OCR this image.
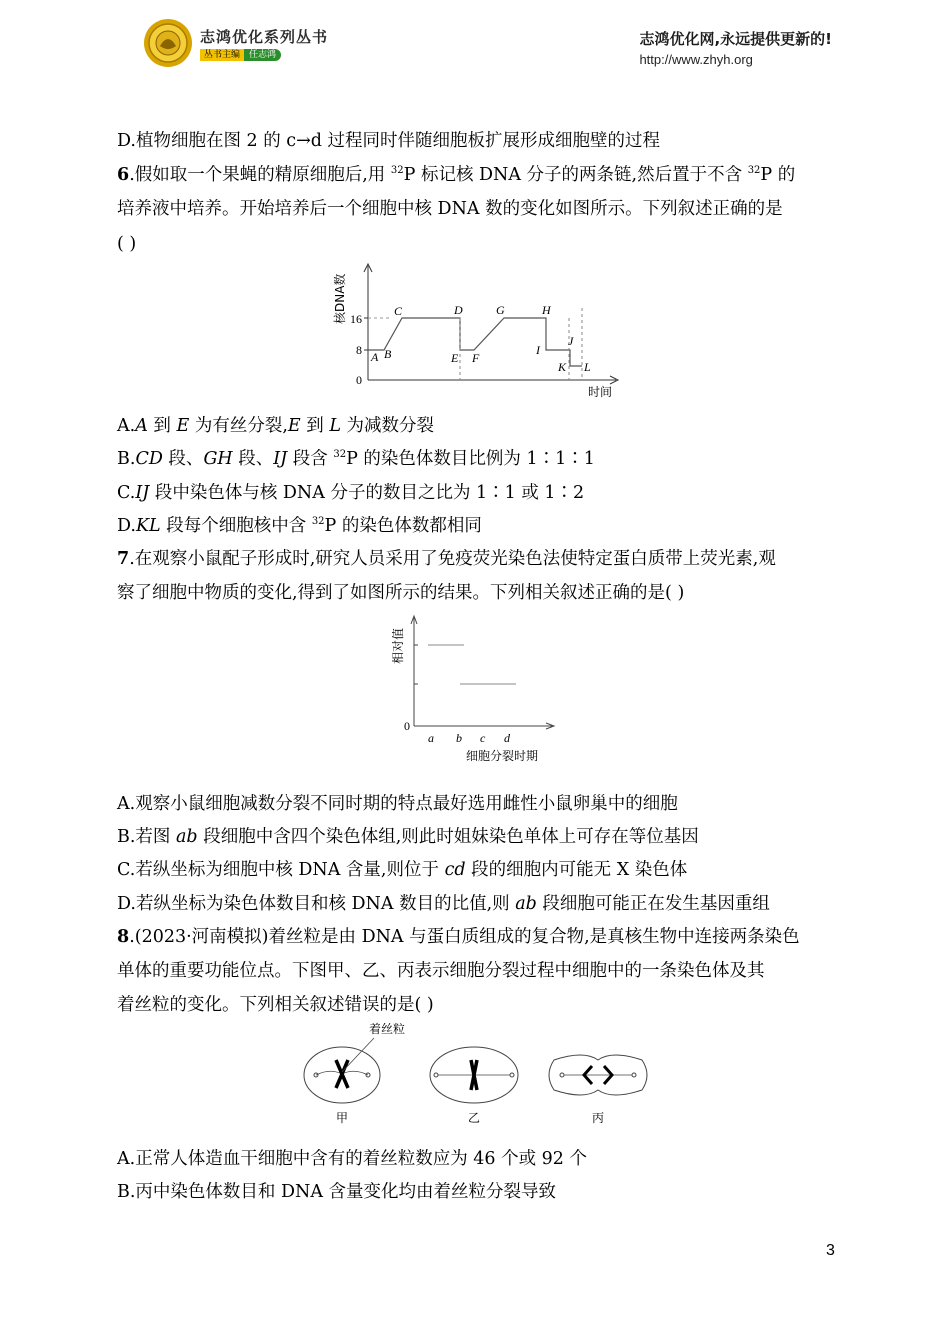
志鸿优化系列丛书
丛书主编	任志鸿
志鸿优化网,永远提供更新的!
http://www.zhyh.org
D.植物细胞在图 2 的 c→d 过程同时伴随细胞板扩展形成细胞壁的过程
6.假如取一个果蝇的精原细胞后,用 $^{32}$P 标记核 DNA 分子的两条链,然后置于不含 $^{32}$P 的
培养液中培养。开始培养后一个细胞中核 DNA 数的变化如图所示。下列叙述正确的是
( )
核DNA数
时间
0
8
16
A B
C	D
E F
G	H
I
J
K L
A.A 到 E 为有丝分裂,E 到 L 为减数分裂
B.CD 段、GH 段、IJ 段含 $^{32}$P 的染色体数目比例为 1∶1∶1
C.IJ 段中染色体与核 DNA 分子的数目之比为 1∶1 或 1∶2
D.KL 段每个细胞核中含 $^{32}$P 的染色体数都相同
7.在观察小鼠配子形成时,研究人员采用了免疫荧光染色法使特定蛋白质带上荧光素,观
察了细胞中物质的变化,得到了如图所示的结果。下列相关叙述正确的是( )
相对值
0
a b c d
细胞分裂时期
A.观察小鼠细胞减数分裂不同时期的特点最好选用雌性小鼠卵巢中的细胞
B.若图 ab 段细胞中含四个染色体组,则此时姐妹染色单体上可存在等位基因
C.若纵坐标为细胞中核 DNA 含量,则位于 cd 段的细胞内可能无 X 染色体
D.若纵坐标为染色体数目和核 DNA 数目的比值,则 ab 段细胞可能正在发生基因重组
8.(2023·河南模拟)着丝粒是由 DNA 与蛋白质组成的复合物,是真核生物中连接两条染色
单体的重要功能位点。下图甲、乙、丙表示细胞分裂过程中细胞中的一条染色体及其
着丝粒的变化。下列相关叙述错误的是( )
着丝粒
甲	乙	丙
A.正常人体造血干细胞中含有的着丝粒数应为 46 个或 92 个
B.丙中染色体数目和 DNA 含量变化均由着丝粒分裂导致
3
